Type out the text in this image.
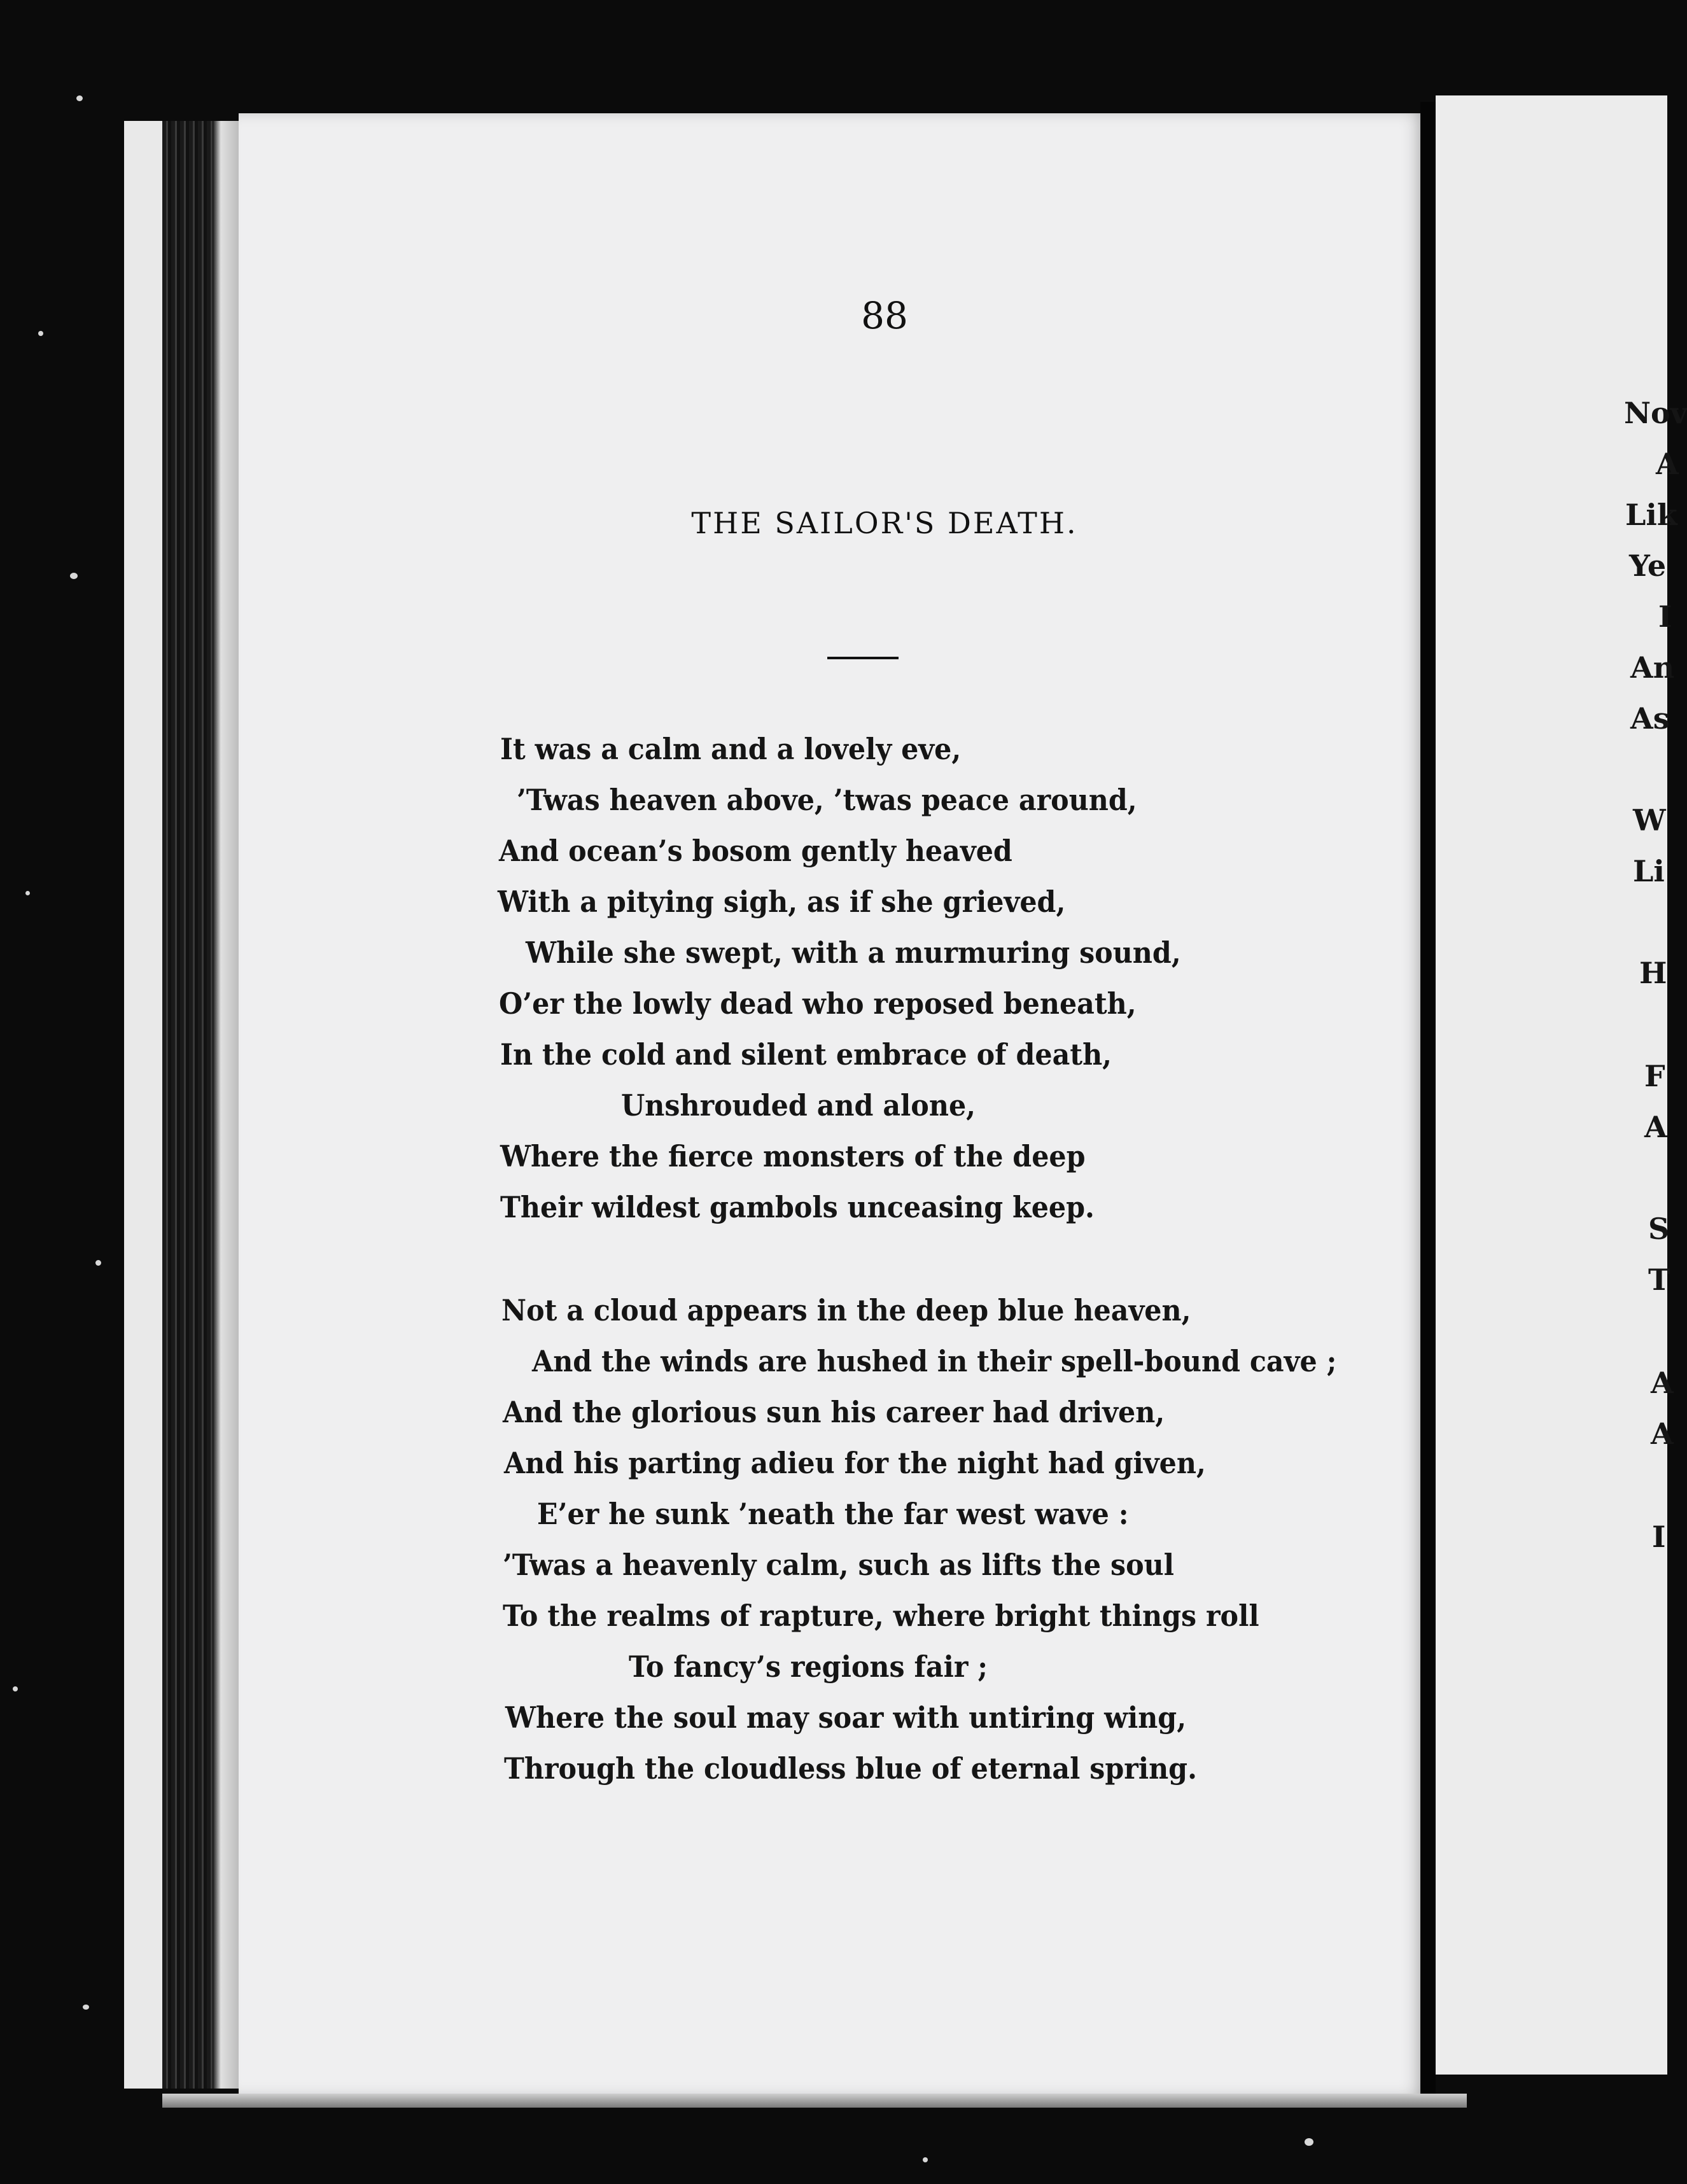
88
THE SAILOR'S DEATH.
It was a calm and a lovely eve,
’Twas heaven above, ’twas peace around,
And ocean’s bosom gently heaved
With a pitying sigh, as if she grieved,
While she swept, with a murmuring sound,
O’er the lowly dead who reposed beneath,
In the cold and silent embrace of death,
Unshrouded and alone,
Where the fierce monsters of the deep
Their wildest gambols unceasing keep.
Not a cloud appears in the deep blue heaven,
And the winds are hushed in their spell-bound cave ;
And the glorious sun his career had driven,
And his parting adieu for the night had given,
E’er he sunk ’neath the far west wave :
’Twas a heavenly calm, such as lifts the soul
To the realms of rapture, where bright things roll
To fancy’s regions fair ;
Where the soul may soar with untiring wing,
Through the cloudless blue of eternal spring.
Nov
A
Lik
Ye
I
An
As
W
Li
H
F
A
S
T
A
A
I
